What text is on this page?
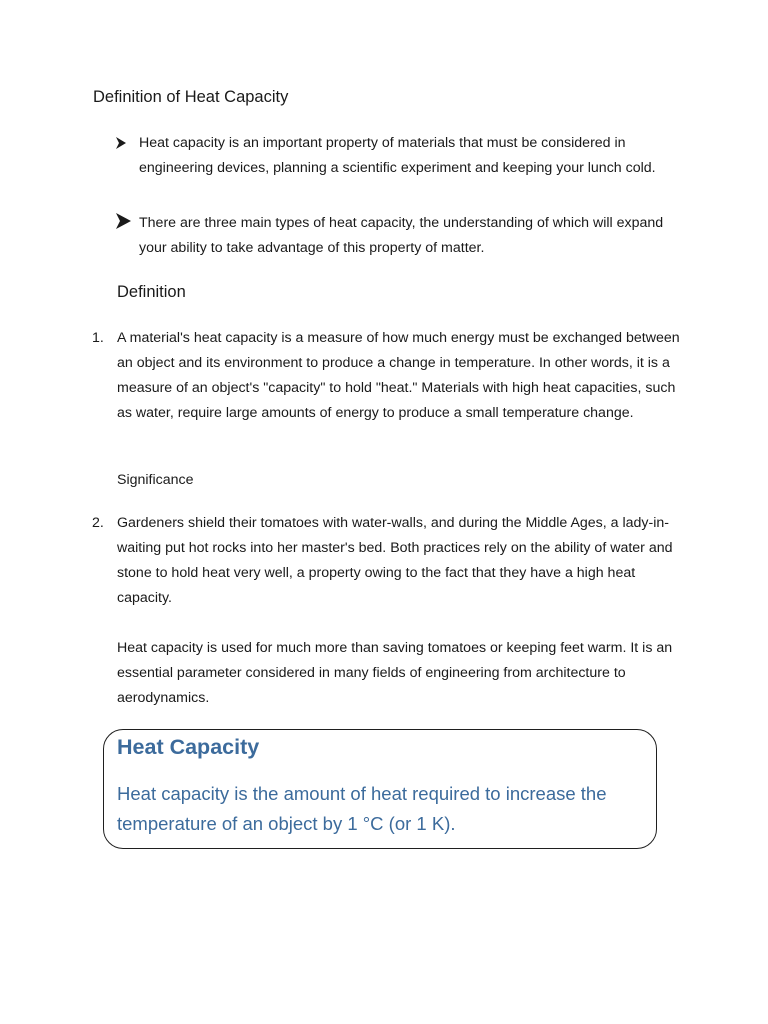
Definition of Heat Capacity
Heat capacity is an important property of materials that must be considered in engineering devices, planning a scientific experiment and keeping your lunch cold.
There are three main types of heat capacity, the understanding of which will expand your ability to take advantage of this property of matter.
Definition
1. A material's heat capacity is a measure of how much energy must be exchanged between an object and its environment to produce a change in temperature. In other words, it is a measure of an object's "capacity" to hold "heat." Materials with high heat capacities, such as water, require large amounts of energy to produce a small temperature change.
Significance
2. Gardeners shield their tomatoes with water-walls, and during the Middle Ages, a lady-in-waiting put hot rocks into her master's bed. Both practices rely on the ability of water and stone to hold heat very well, a property owing to the fact that they have a high heat capacity.
Heat capacity is used for much more than saving tomatoes or keeping feet warm. It is an essential parameter considered in many fields of engineering from architecture to aerodynamics.
Heat Capacity
Heat capacity is the amount of heat required to increase the temperature of an object by 1 °C (or 1 K).
